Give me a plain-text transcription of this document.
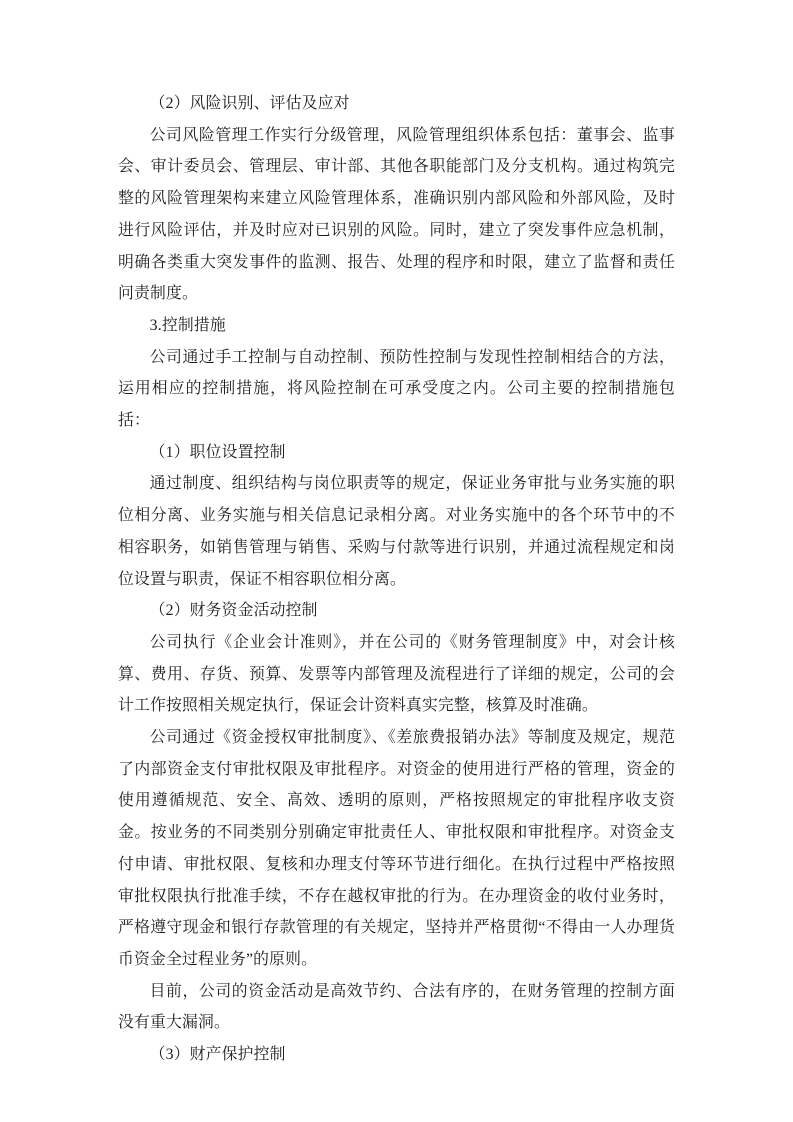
（2）风险识别、评估及应对

公司风险管理工作实行分级管理，风险管理组织体系包括：董事会、监事会、审计委员会、管理层、审计部、其他各职能部门及分支机构。通过构筑完整的风险管理架构来建立风险管理体系，准确识别内部风险和外部风险，及时进行风险评估，并及时应对已识别的风险。同时，建立了突发事件应急机制，明确各类重大突发事件的监测、报告、处理的程序和时限，建立了监督和责任问责制度。

3.控制措施

公司通过手工控制与自动控制、预防性控制与发现性控制相结合的方法，运用相应的控制措施，将风险控制在可承受度之内。公司主要的控制措施包括：

（1）职位设置控制

通过制度、组织结构与岗位职责等的规定，保证业务审批与业务实施的职位相分离、业务实施与相关信息记录相分离。对业务实施中的各个环节中的不相容职务，如销售管理与销售、采购与付款等进行识别，并通过流程规定和岗位设置与职责，保证不相容职位相分离。

（2）财务资金活动控制

公司执行《企业会计准则》，并在公司的《财务管理制度》中，对会计核算、费用、存货、预算、发票等内部管理及流程进行了详细的规定，公司的会计工作按照相关规定执行，保证会计资料真实完整，核算及时准确。

公司通过《资金授权审批制度》、《差旅费报销办法》等制度及规定，规范了内部资金支付审批权限及审批程序。对资金的使用进行严格的管理，资金的使用遵循规范、安全、高效、透明的原则，严格按照规定的审批程序收支资金。按业务的不同类别分别确定审批责任人、审批权限和审批程序。对资金支付申请、审批权限、复核和办理支付等环节进行细化。在执行过程中严格按照审批权限执行批准手续，不存在越权审批的行为。在办理资金的收付业务时，严格遵守现金和银行存款管理的有关规定，坚持并严格贯彻“不得由一人办理货币资金全过程业务”的原则。

目前，公司的资金活动是高效节约、合法有序的，在财务管理的控制方面没有重大漏洞。

（3）财产保护控制
